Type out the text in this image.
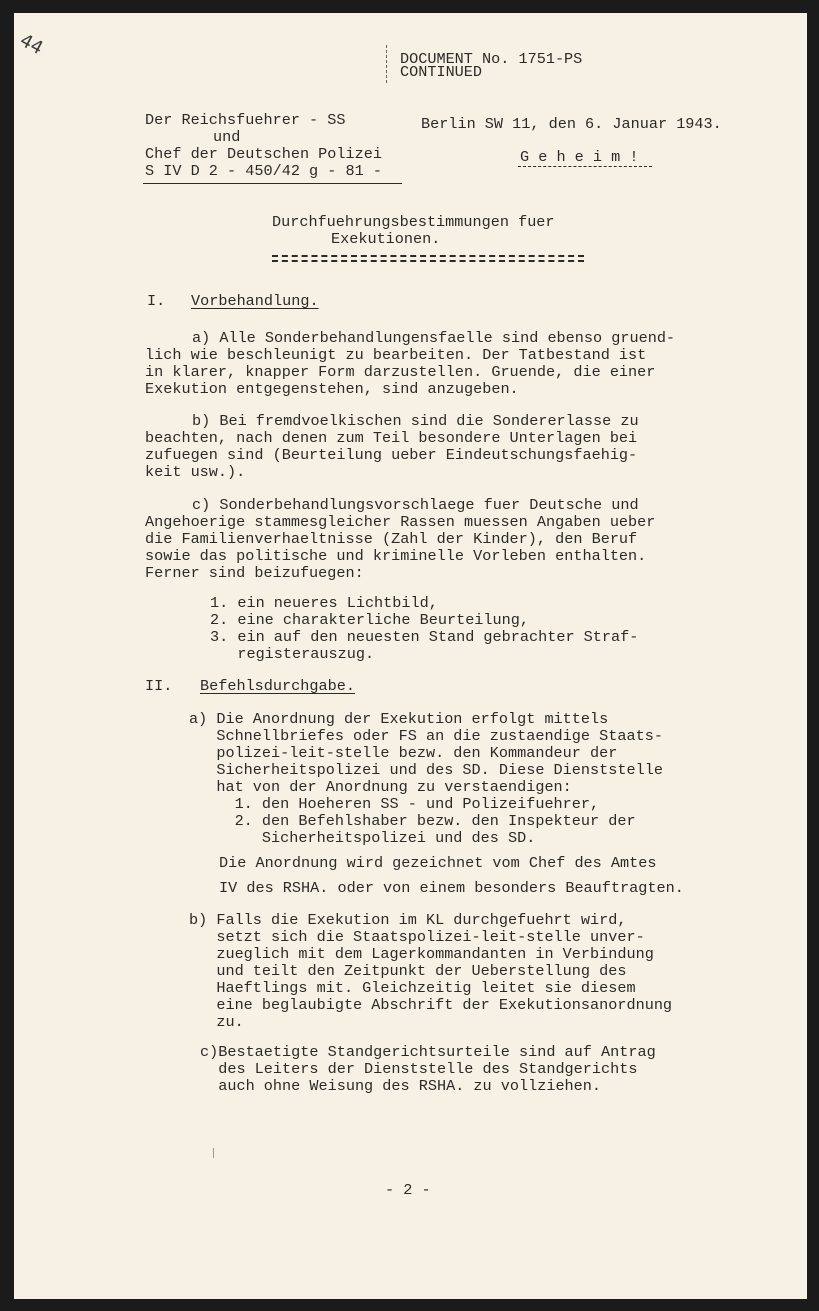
44	DOCUMENT No. 1751-PS
CONTINUED
Der Reichsfuehrer - SS
und
Chef der Deutschen Polizei
S IV D 2 - 450/42 g - 81 -
Berlin SW 11, den 6. Januar 1943.
G e h e i m !
Durchfuehrungsbestimmungen fuer
Exekutionen.
I. Vorbehandlung.
a) Alle Sonderbehandlungensfaelle sind ebenso gruend-
lich wie beschleunigt zu bearbeiten. Der Tatbestand ist
in klarer, knapper Form darzustellen. Gruende, die einer
Exekution entgegenstehen, sind anzugeben.
b) Bei fremdvoelkischen sind die Sondererlasse zu
beachten, nach denen zum Teil besondere Unterlagen bei
zufuegen sind (Beurteilung ueber Eindeutschungsfaehig-
keit usw.).
c) Sonderbehandlungsvorschlaege fuer Deutsche und
Angehoerige stammesgleicher Rassen muessen Angaben ueber
die Familienverhaeltnisse (Zahl der Kinder), den Beruf
sowie das politische und kriminelle Vorleben enthalten.
Ferner sind beizufuegen:
1. ein neueres Lichtbild,
2. eine charakterliche Beurteilung,
3. ein auf den neuesten Stand gebrachter Straf-
registerauszug.
II. Befehlsdurchgabe.
a) Die Anordnung der Exekution erfolgt mittels
Schnellbriefes oder FS an die zustaendige Staats-
polizei-leit-stelle bezw. den Kommandeur der
Sicherheitspolizei und des SD. Diese Dienststelle
hat von der Anordnung zu verstaendigen:
1. den Hoeheren SS - und Polizeifuehrer,
2. den Befehlshaber bezw. den Inspekteur der
Sicherheitspolizei und des SD.
Die Anordnung wird gezeichnet vom Chef des Amtes
IV des RSHA. oder von einem besonders Beauftragten.
b) Falls die Exekution im KL durchgefuehrt wird,
setzt sich die Staatspolizei-leit-stelle unver-
zueglich mit dem Lagerkommandanten in Verbindung
und teilt den Zeitpunkt der Ueberstellung des
Haeftlings mit. Gleichzeitig leitet sie diesem
eine beglaubigte Abschrift der Exekutionsanordnung
zu.
c)Bestaetigte Standgerichtsurteile sind auf Antrag
des Leiters der Dienststelle des Standgerichts
auch ohne Weisung des RSHA. zu vollziehen.
- 2 -
